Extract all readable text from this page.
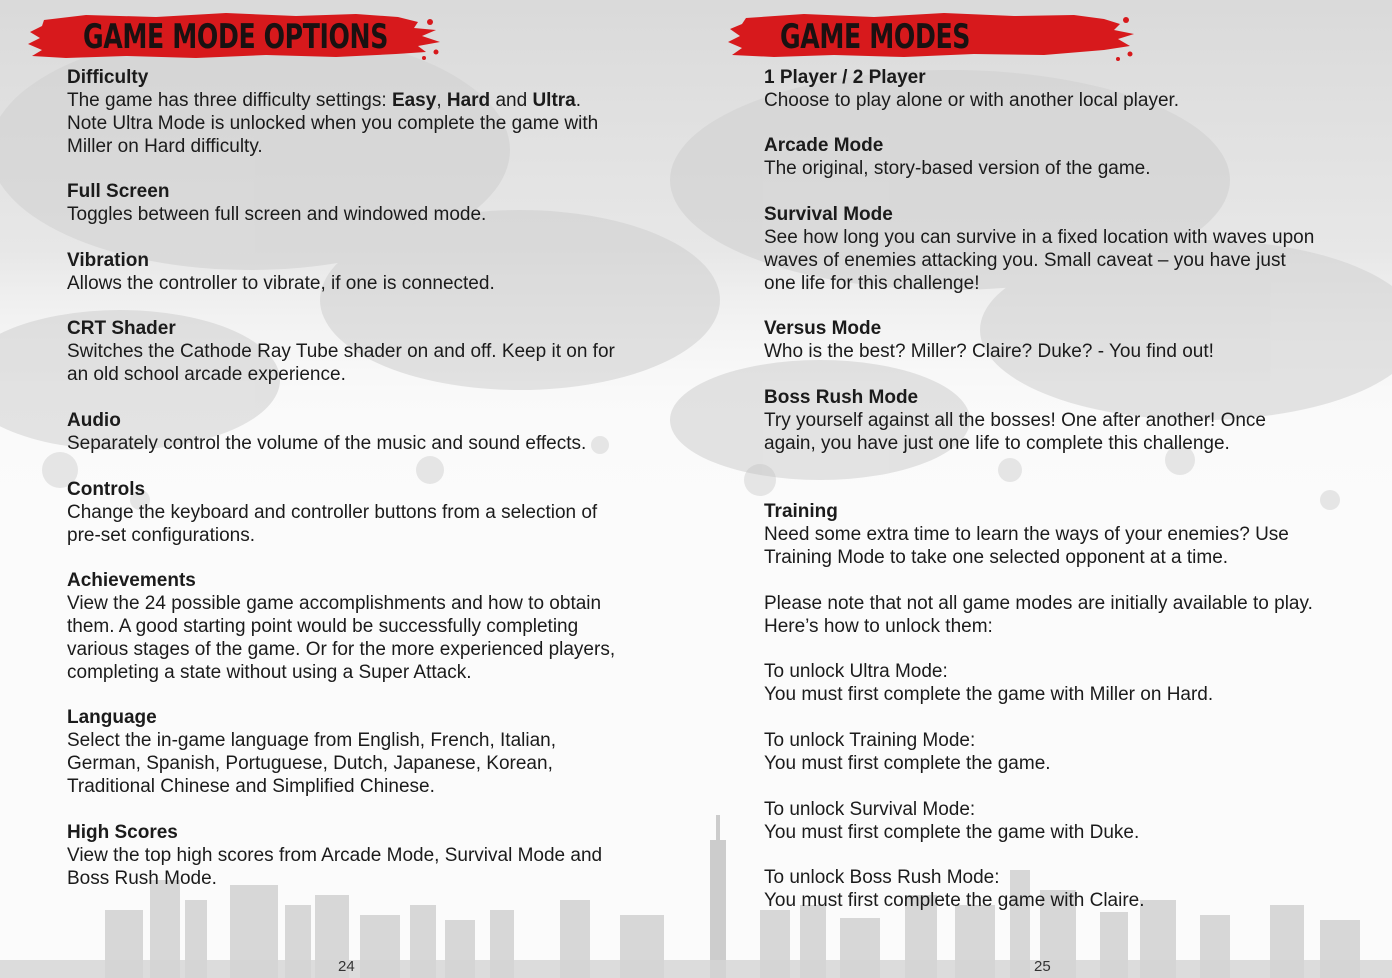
GAME MODE OPTIONS
Difficulty
The game has three difficulty settings: Easy, Hard and Ultra.
Note Ultra Mode is unlocked when you complete the game with
Miller on Hard difficulty.
Full Screen
Toggles between full screen and windowed mode.
Vibration
Allows the controller to vibrate, if one is connected.
CRT Shader
Switches the Cathode Ray Tube shader on and off. Keep it on for
an old school arcade experience.
Audio
Separately control the volume of the music and sound effects.
Controls
Change the keyboard and controller buttons from a selection of
pre-set configurations.
Achievements
View the 24 possible game accomplishments and how to obtain
them. A good starting point would be successfully completing
various stages of the game. Or for the more experienced players,
completing a state without using a Super Attack.
Language
Select the in-game language from English, French, Italian,
German, Spanish, Portuguese, Dutch, Japanese, Korean,
Traditional Chinese and Simplified Chinese.
High Scores
View the top high scores from Arcade Mode, Survival Mode and
Boss Rush Mode.
24
GAME MODES
1 Player / 2 Player
Choose to play alone or with another local player.
Arcade Mode
The original, story-based version of the game.
Survival Mode
See how long you can survive in a fixed location with waves upon
waves of enemies attacking you. Small caveat – you have just
one life for this challenge!
Versus Mode
Who is the best? Miller? Claire? Duke? - You find out!
Boss Rush Mode
Try yourself against all the bosses! One after another! Once
again, you have just one life to complete this challenge.
Training
Need some extra time to learn the ways of your enemies? Use
Training Mode to take one selected opponent at a time.
Please note that not all game modes are initially available to play.
Here’s how to unlock them:
To unlock Ultra Mode:
You must first complete the game with Miller on Hard.
To unlock Training Mode:
You must first complete the game.
To unlock Survival Mode:
You must first complete the game with Duke.
To unlock Boss Rush Mode:
You must first complete the game with Claire.
25
